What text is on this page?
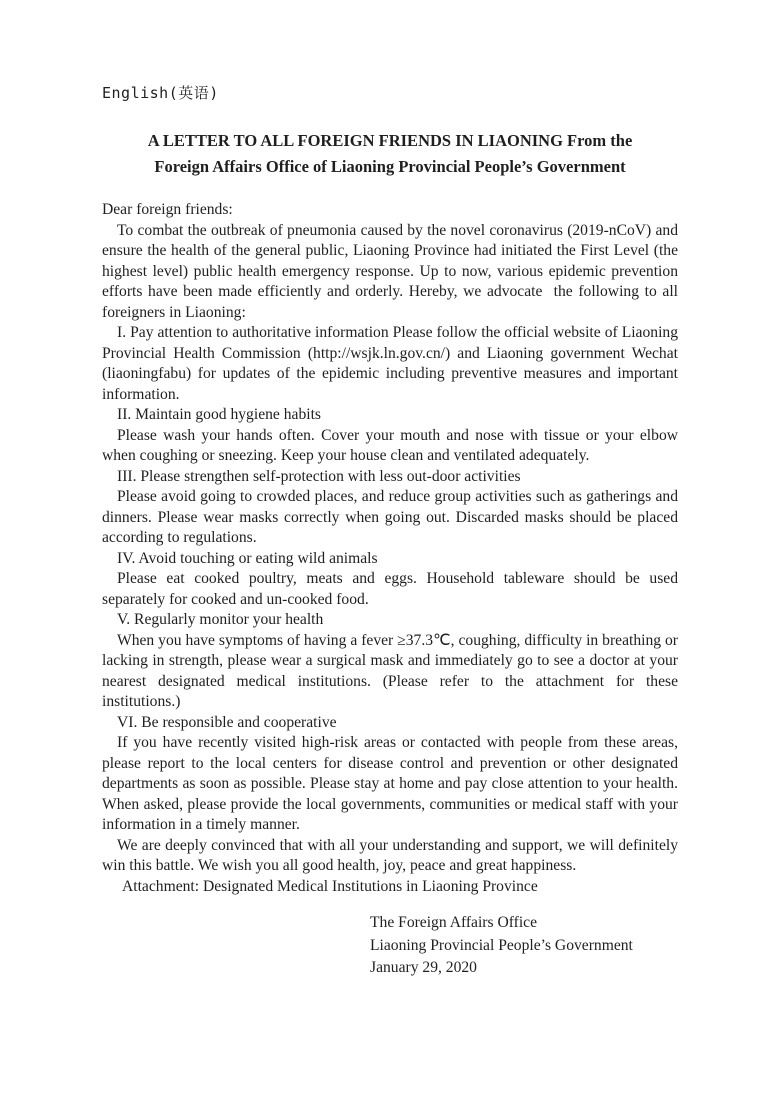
English(英语)
A LETTER TO ALL FOREIGN FRIENDS IN LIAONING From the Foreign Affairs Office of Liaoning Provincial People’s Government

Dear foreign friends:

To combat the outbreak of pneumonia caused by the novel coronavirus (2019-nCoV) and ensure the health of the general public, Liaoning Province had initiated the First Level (the highest level) public health emergency response. Up to now, various epidemic prevention efforts have been made efficiently and orderly. Hereby, we advocate  the following to all foreigners in Liaoning:

I. Pay attention to authoritative information Please follow the official website of Liaoning Provincial Health Commission (http://wsjk.ln.gov.cn/) and Liaoning government Wechat (liaoningfabu) for updates of the epidemic including preventive measures and important information.

II. Maintain good hygiene habits

Please wash your hands often. Cover your mouth and nose with tissue or your elbow when coughing or sneezing. Keep your house clean and ventilated adequately.

III. Please strengthen self-protection with less out-door activities

Please avoid going to crowded places, and reduce group activities such as gatherings and dinners. Please wear masks correctly when going out. Discarded masks should be placed according to regulations.

IV. Avoid touching or eating wild animals

Please eat cooked poultry, meats and eggs. Household tableware should be used separately for cooked and un-cooked food.

V. Regularly monitor your health

When you have symptoms of having a fever ≥37.3℃, coughing, difficulty in breathing or lacking in strength, please wear a surgical mask and immediately go to see a doctor at your nearest designated medical institutions. (Please refer to the attachment for these institutions.)

VI. Be responsible and cooperative

If you have recently visited high-risk areas or contacted with people from these areas, please report to the local centers for disease control and prevention or other designated departments as soon as possible. Please stay at home and pay close attention to your health. When asked, please provide the local governments, communities or medical staff with your information in a timely manner.

We are deeply convinced that with all your understanding and support, we will definitely win this battle. We wish you all good health, joy, peace and great happiness.

Attachment: Designated Medical Institutions in Liaoning Province

The Foreign Affairs Office
Liaoning Provincial People’s Government
January 29, 2020
